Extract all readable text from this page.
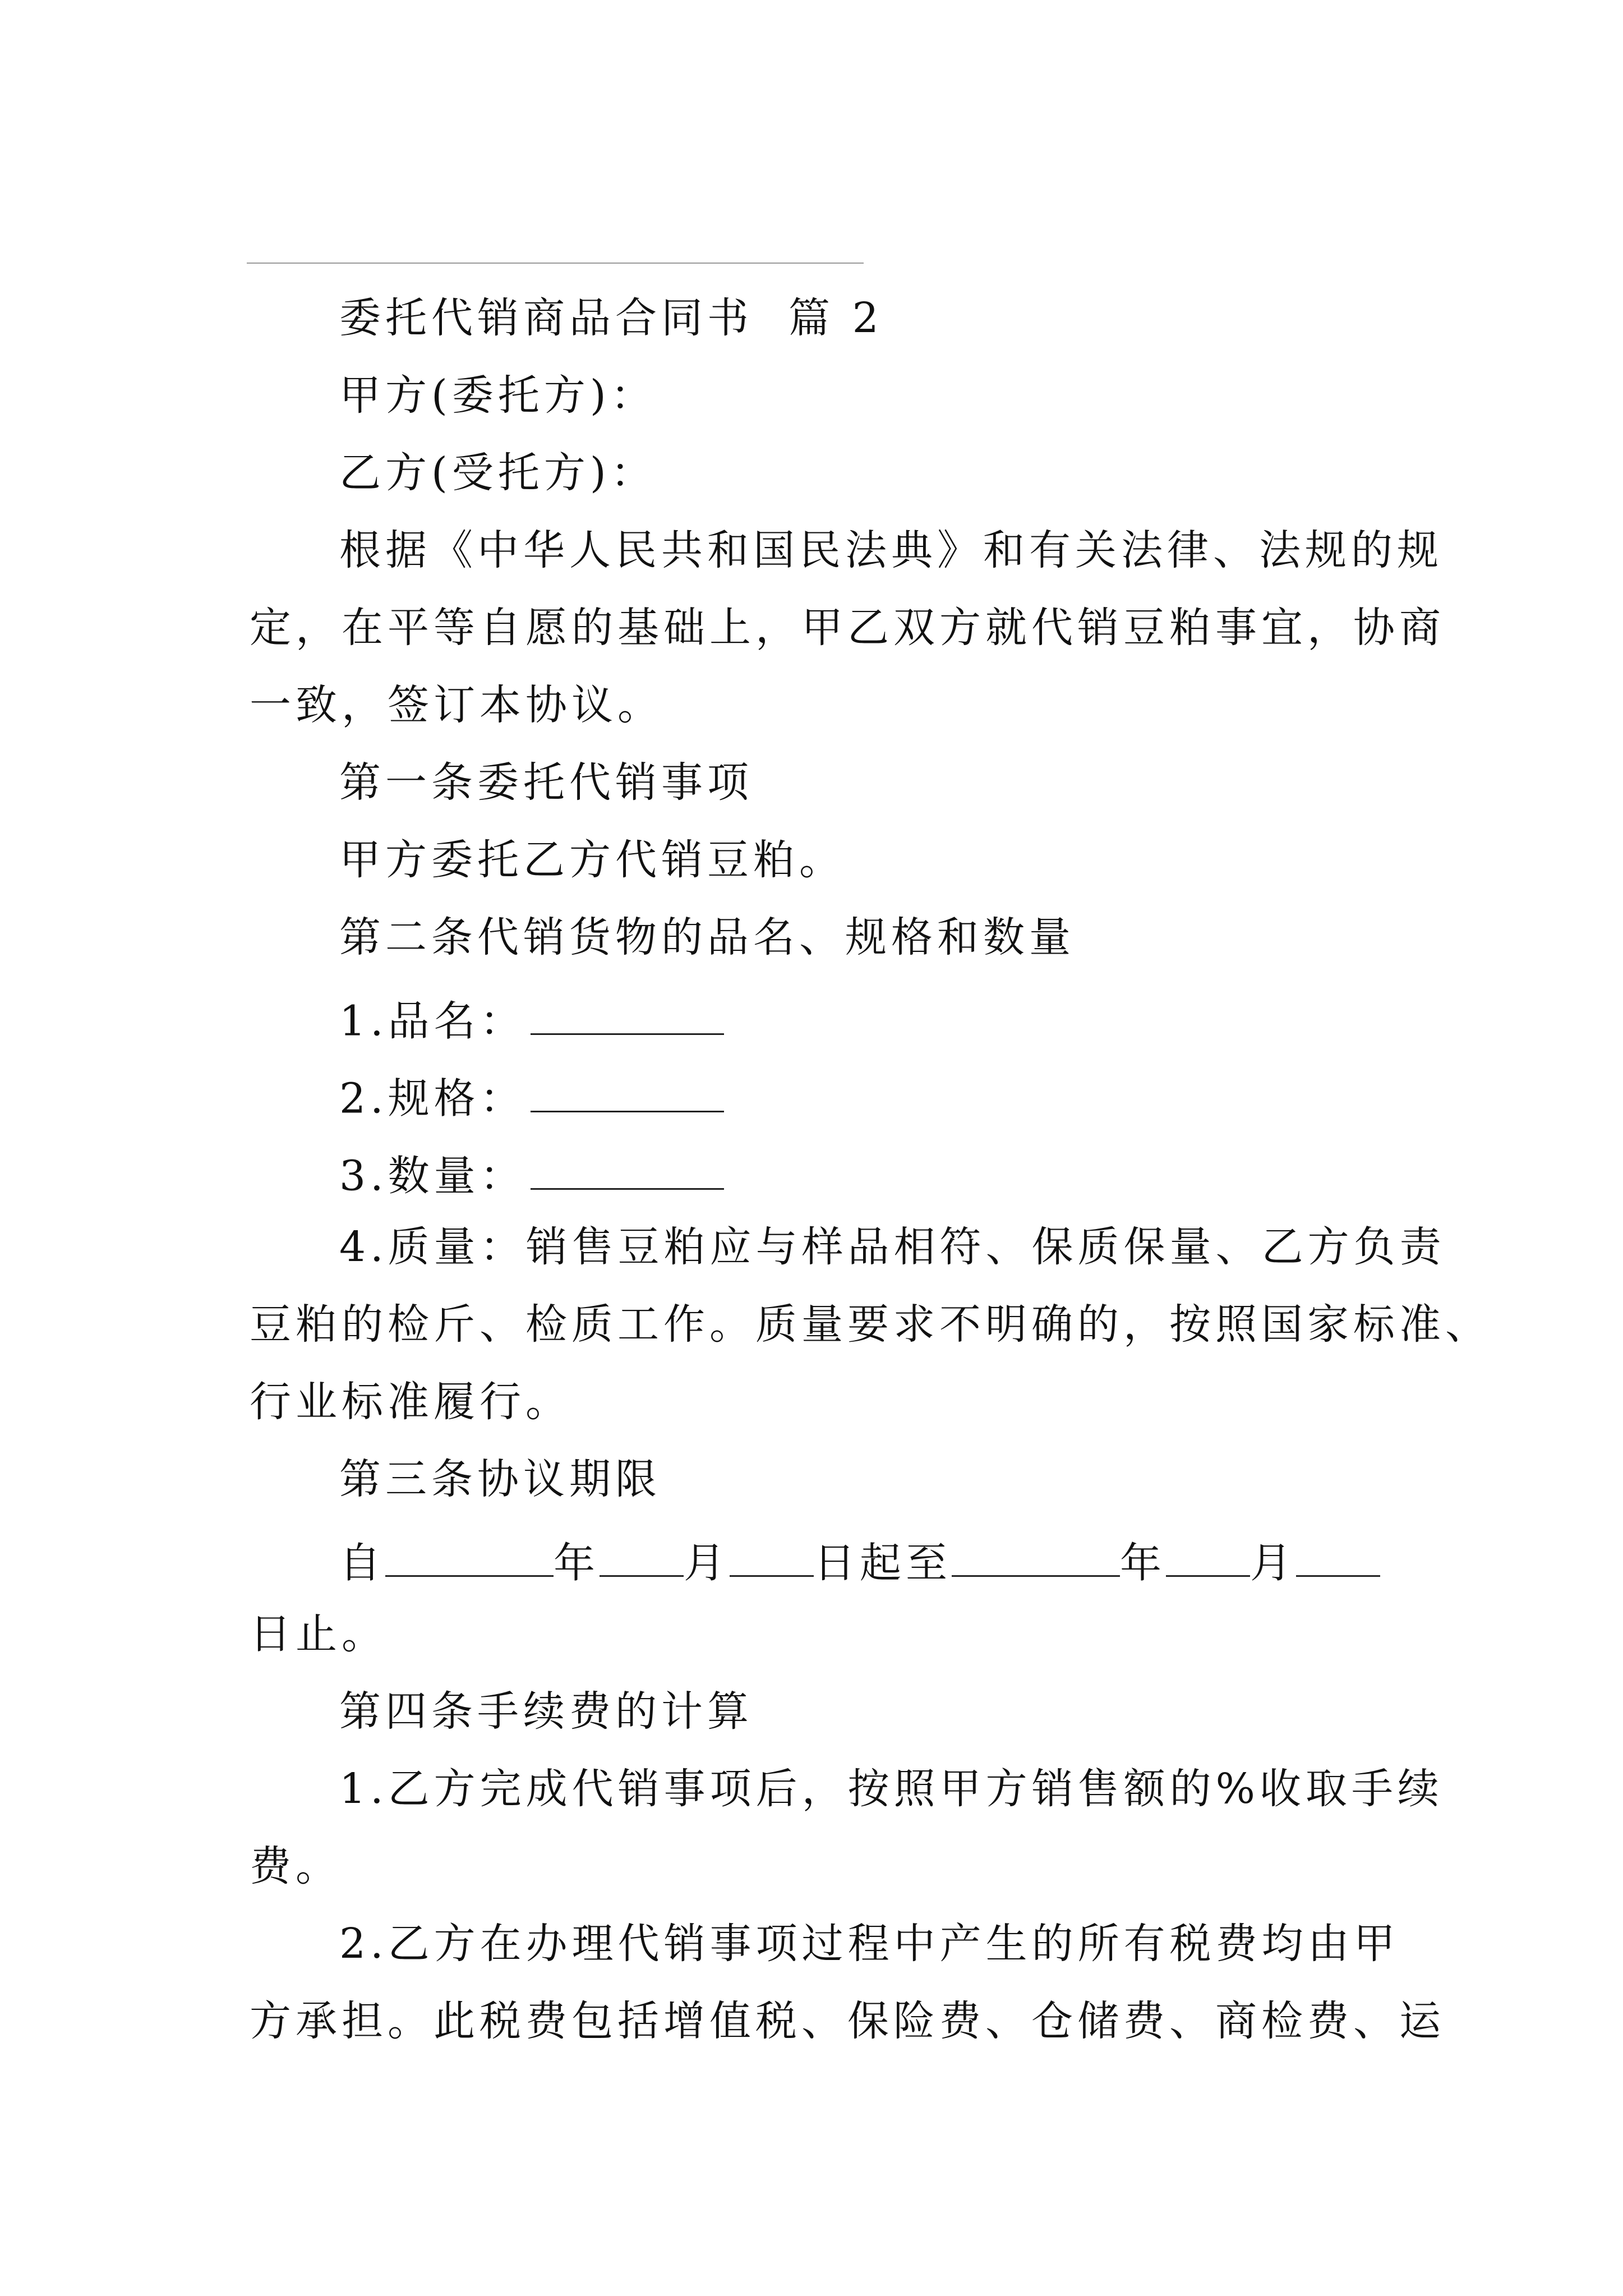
委托代销商品合同书  篇 2
甲方(委托方)：
乙方(受托方)：
根据《中华人民共和国民法典》和有关法律、法规的规
定，在平等自愿的基础上，甲乙双方就代销豆粕事宜，协商
一致，签订本协议。
第一条委托代销事项
甲方委托乙方代销豆粕。
第二条代销货物的品名、规格和数量
1.品名：
2.规格：
3.数量：
4.质量：销售豆粕应与样品相符、保质保量、乙方负责
豆粕的检斤、检质工作。质量要求不明确的，按照国家标准、
行业标准履行。
第三条协议期限
自	年 月 日起至	年 月
日止。
第四条手续费的计算
1.乙方完成代销事项后，按照甲方销售额的%收取手续
费。
2.乙方在办理代销事项过程中产生的所有税费均由甲
方承担。此税费包括增值税、保险费、仓储费、商检费、运
